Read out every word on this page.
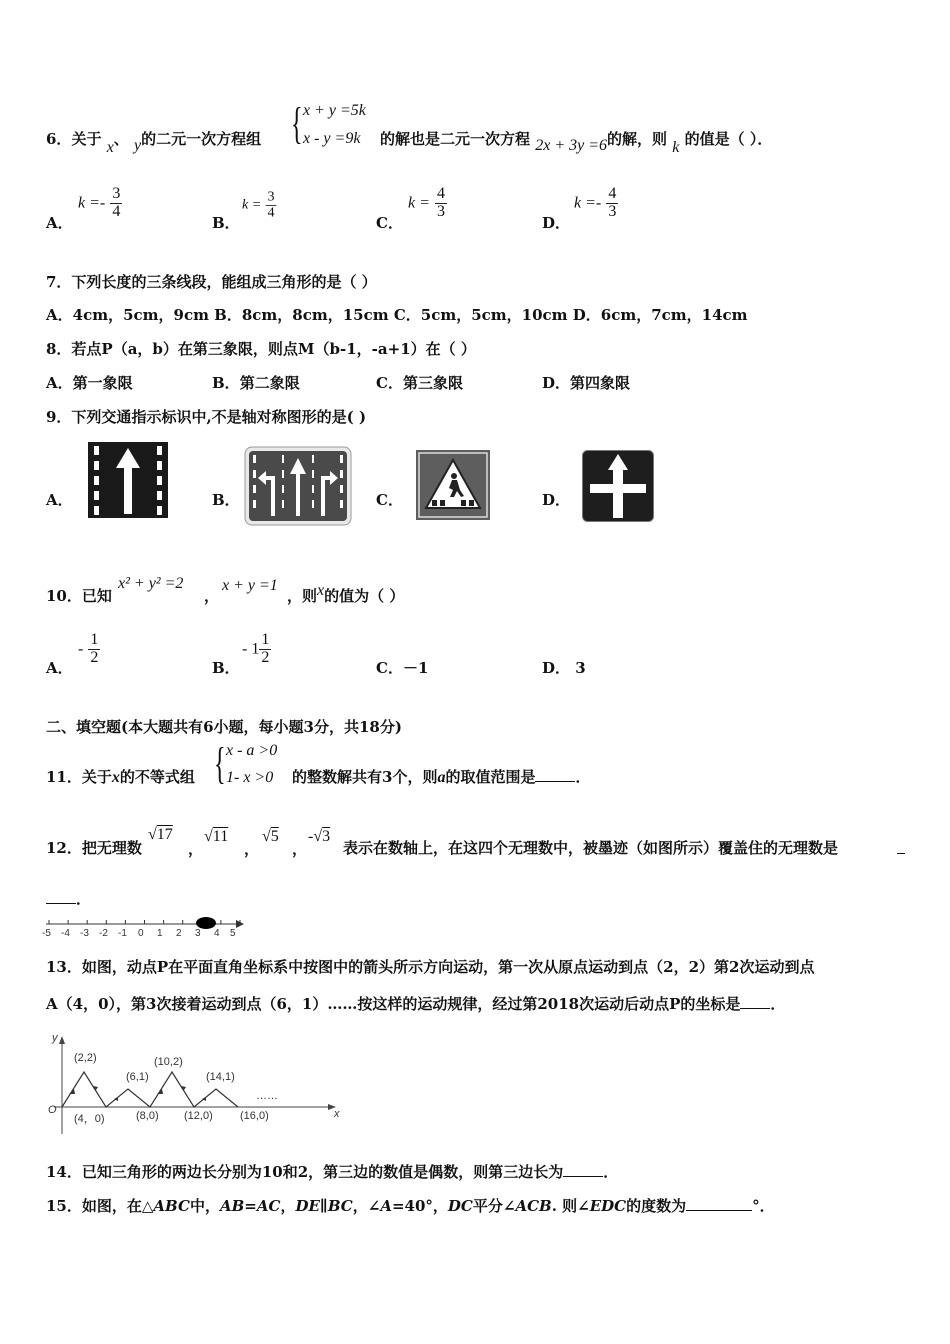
6．关于 x、 y的二元一次方程组 { x + y =5k
x - y =9k 的解也是二元一次方程 2x + 3y =6的解，则 k 的值是（ ）．
A．
$k =- \frac{3}{4}$
B．
$k = \frac{3}{4}$
C．
$k = \frac{4}{3}$
D．
$k =- \frac{4}{3}$
7．下列长度的三条线段，能组成三角形的是（ ）
A．4cm，5cm，9cm B．8cm，8cm，15cm C．5cm，5cm，10cm D．6cm，7cm，14cm
8．若点P（a，b）在第三象限，则点M（b-1，-a+1）在（ ）
A．第一象限	B．第二象限	C．第三象限	D．第四象限
9．下列交通指示标识中,不是轴对称图形的是( )
A．	B．	C．	D．
10．已知
x² + y² =2
，
x + y =1
，则x的值为（ ）
A．
- $\frac{1}{2}$
B．
- $1 \frac{1}{2}$
C．－1	D． 3
二、填空题(本大题共有6小题，每小题3分，共18分)
11．关于x的不等式组 { x - a >0
1- x >0 的整数解共有3个，则a的取值范围是	．
12．把无理数
√17
，
√11
，
√5
，
-√3
表示在数轴上，在这四个无理数中，被墨迹（如图所示）覆盖住的无理数是
．
-5 -4 -3 -2 -1 0 1 2 3 4 5
13．如图，动点P在平面直角坐标系中按图中的箭头所示方向运动，第一次从原点运动到点（2，2）第2次运动到点
A（4，0），第3次接着运动到点（6，1）……按这样的运动规律，经过第2018次运动后动点P的坐标是 ．
y
x
O
(2,2)
(6,1)
(10,2)
(14,1)
……
(4，0)	(8,0) (12,0) (16,0)
14．已知三角形的两边长分别为10和2，第三边的数值是偶数，则第三边长为	．
15．如图，在△ABC中，AB=AC，DE∥BC，∠A=40°，DC平分∠ACB. 则∠EDC的度数为	°．
